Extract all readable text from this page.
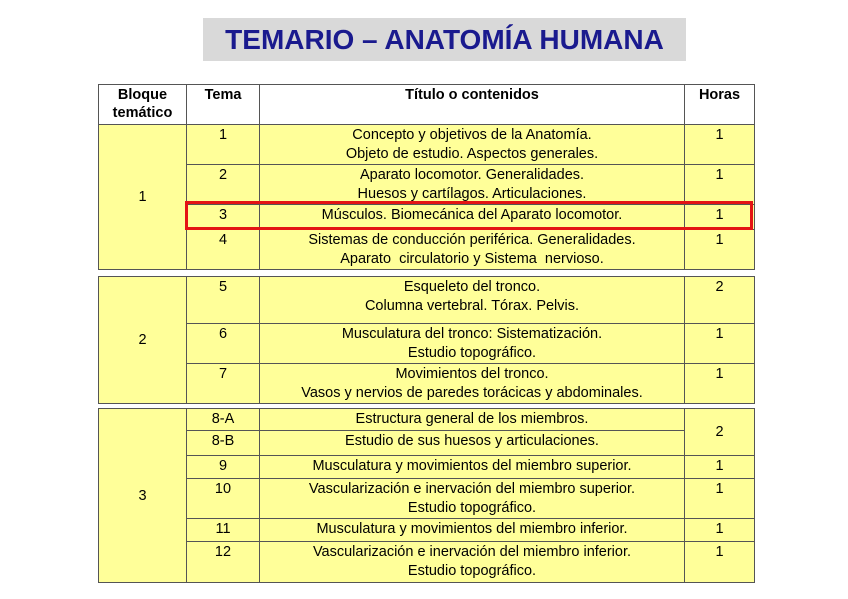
TEMARIO – ANATOMÍA HUMANA
Bloque
temático	Tema	Título o contenidos	Horas
1	1	Concepto y objetivos de la Anatomía.
Objeto de estudio. Aspectos generales.	1
	2	Aparato locomotor. Generalidades.
Huesos y cartílagos. Articulaciones.	1
	3	Músculos. Biomecánica del Aparato locomotor.	1
	4	Sistemas de conducción periférica. Generalidades.
Aparato  circulatorio y Sistema  nervioso.	1
2	5	Esqueleto del tronco.
Columna vertebral. Tórax. Pelvis.	2
	6	Musculatura del tronco: Sistematización.
Estudio topográfico.	1
	7	Movimientos del tronco.
Vasos y nervios de paredes torácicas y abdominales.	1
3	8-A	Estructura general de los miembros.	2
	8-B	Estudio de sus huesos y articulaciones.	

	9	Musculatura y movimientos del miembro superior.	1
	10	Vascularización e inervación del miembro superior.
Estudio topográfico.	1
	11	Musculatura y movimientos del miembro inferior.	1
	12	Vascularización e inervación del miembro inferior.
Estudio topográfico.	1
